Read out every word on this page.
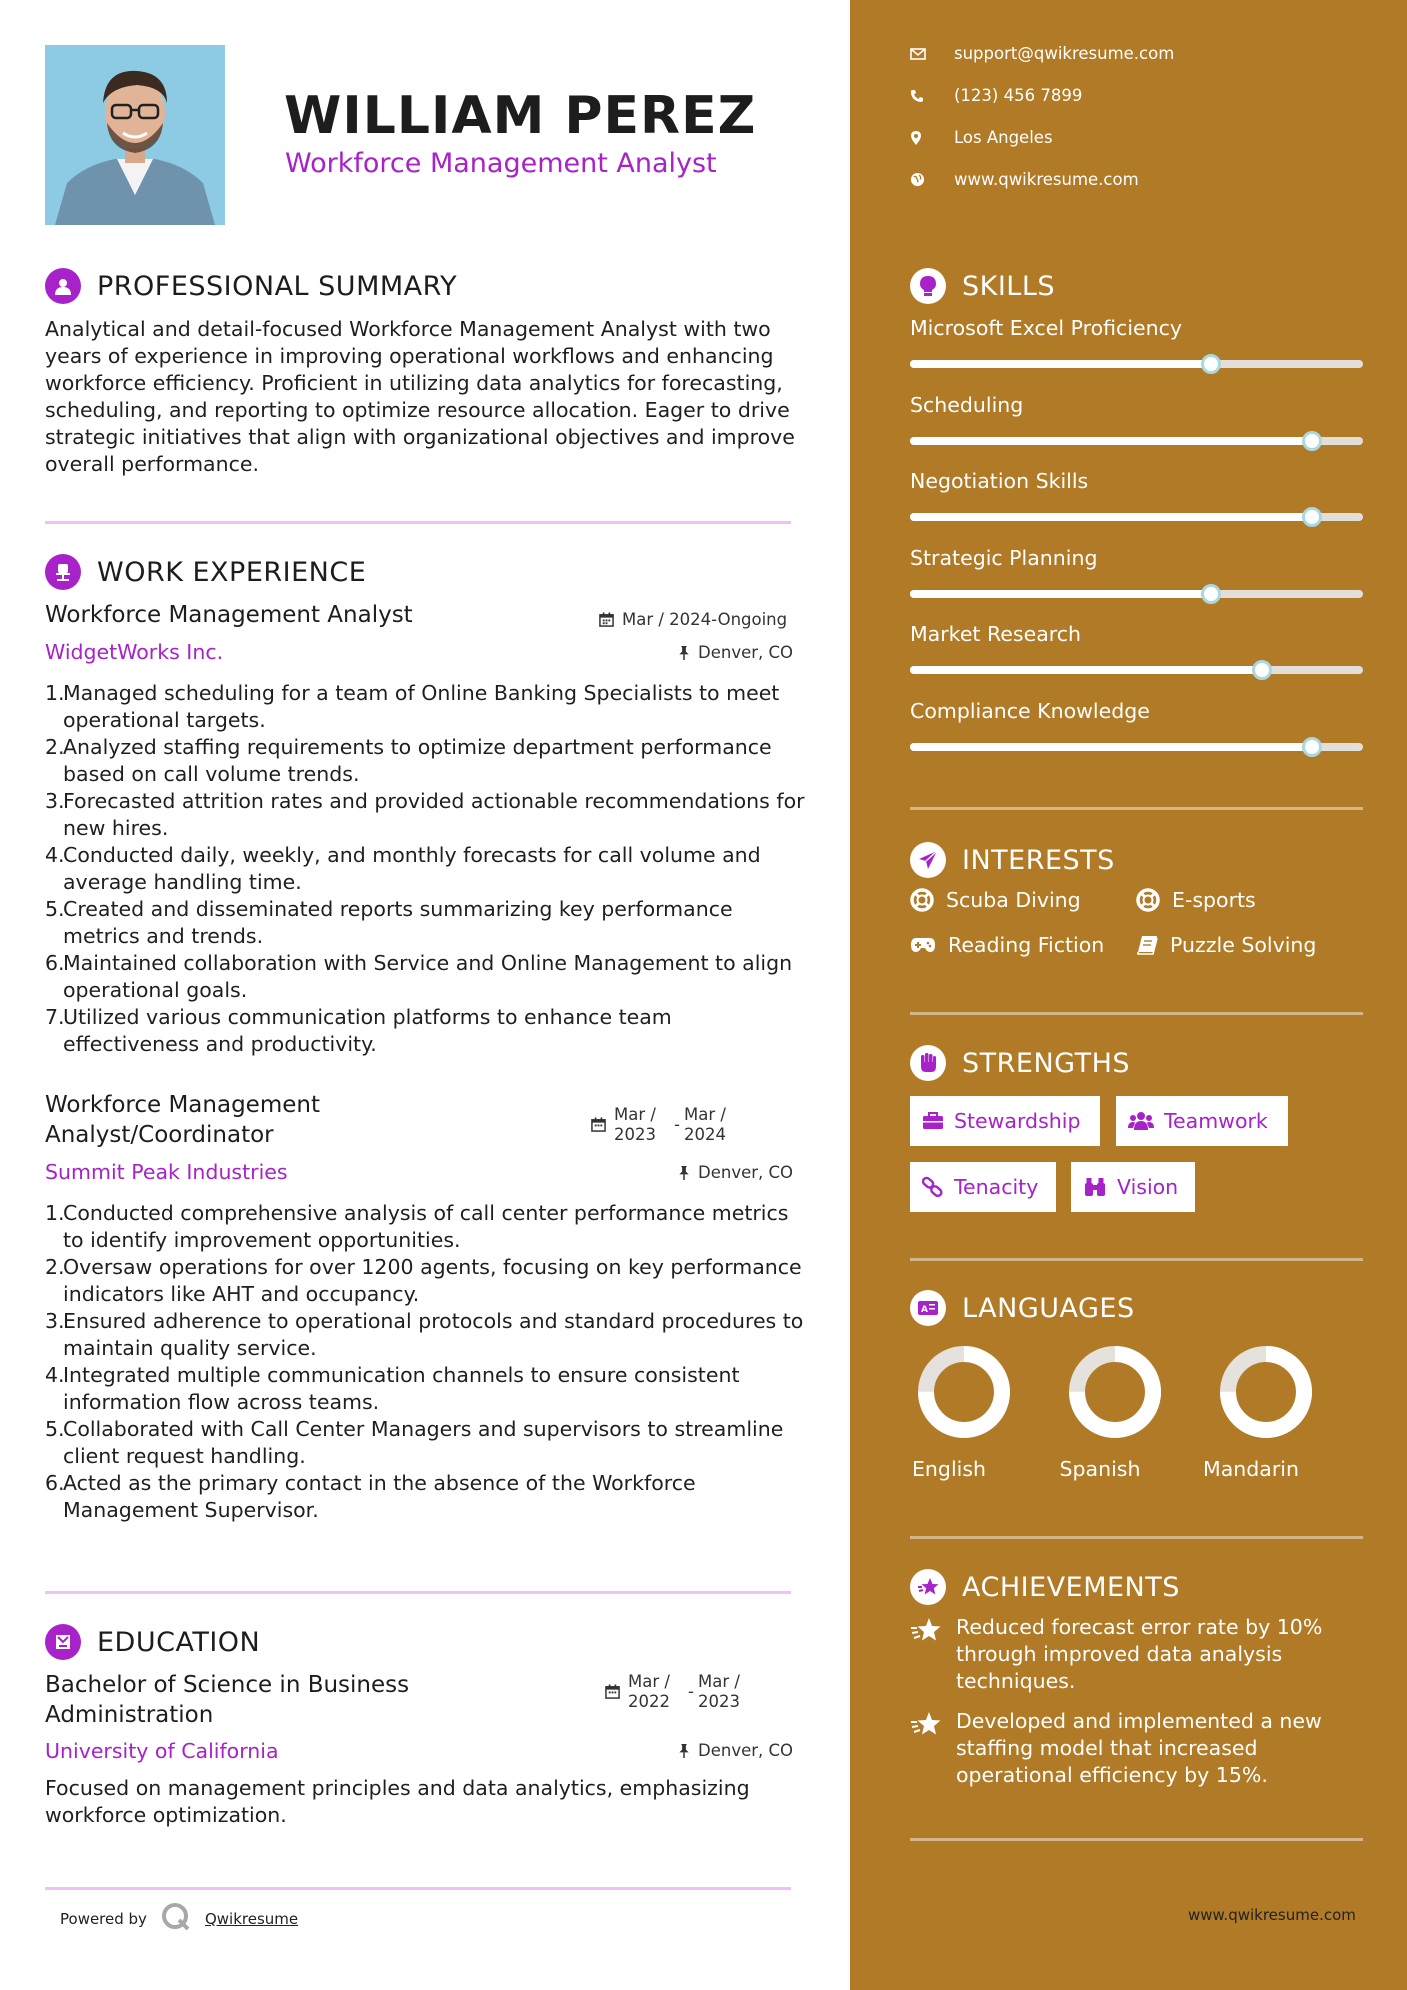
WILLIAM PEREZ
Workforce Management Analyst
PROFESSIONAL SUMMARY
Analytical and detail-focused Workforce Management Analyst with two years of experience in improving operational workflows and enhancing workforce efficiency. Proficient in utilizing data analytics for forecasting, scheduling, and reporting to optimize resource allocation. Eager to drive strategic initiatives that align with organizational objectives and improve overall performance.
WORK EXPERIENCE
Workforce Management Analyst	Mar / 2024-Ongoing
WidgetWorks Inc.	Denver, CO
1.
Managed scheduling for a team of Online Banking Specialists to meet operational targets.
2.
Analyzed staffing requirements to optimize department performance based on call volume trends.
3.
Forecasted attrition rates and provided actionable recommendations for new hires.
4.
Conducted daily, weekly, and monthly forecasts for call volume and average handling time.
5.
Created and disseminated reports summarizing key performance metrics and trends.
6.
Maintained collaboration with Service and Online Management to align operational goals.
7.
Utilized various communication platforms to enhance team effectiveness and productivity.
Workforce Management
Analyst/Coordinator
Mar /
2023
-
Mar /
2024
Summit Peak Industries	Denver, CO
1.
Conducted comprehensive analysis of call center performance metrics to identify improvement opportunities.
2.
Oversaw operations for over 1200 agents, focusing on key performance indicators like AHT and occupancy.
3.
Ensured adherence to operational protocols and standard procedures to maintain quality service.
4.
Integrated multiple communication channels to ensure consistent information flow across teams.
5.
Collaborated with Call Center Managers and supervisors to streamline client request handling.
6.
Acted as the primary contact in the absence of the Workforce Management Supervisor.
EDUCATION
Bachelor of Science in Business
Administration
Mar /
2022
-
Mar /
2023
University of California	Denver, CO
Focused on management principles and data analytics, emphasizing workforce optimization.
Powered by	Qwikresume
support@qwikresume.com
(123) 456 7899
Los Angeles
www.qwikresume.com
SKILLS
Microsoft Excel Proficiency
Scheduling
Negotiation Skills
Strategic Planning
Market Research
Compliance Knowledge
INTERESTS
Scuba Diving	E-sports
Reading Fiction	Puzzle Solving
STRENGTHS
Stewardship	Teamwork
Tenacity	Vision
A LANGUAGES
English	Spanish	Mandarin
ACHIEVEMENTS
Reduced forecast error rate by 10% through improved data analysis techniques.
Developed and implemented a new staffing model that increased operational efficiency by 15%.
www.qwikresume.com
